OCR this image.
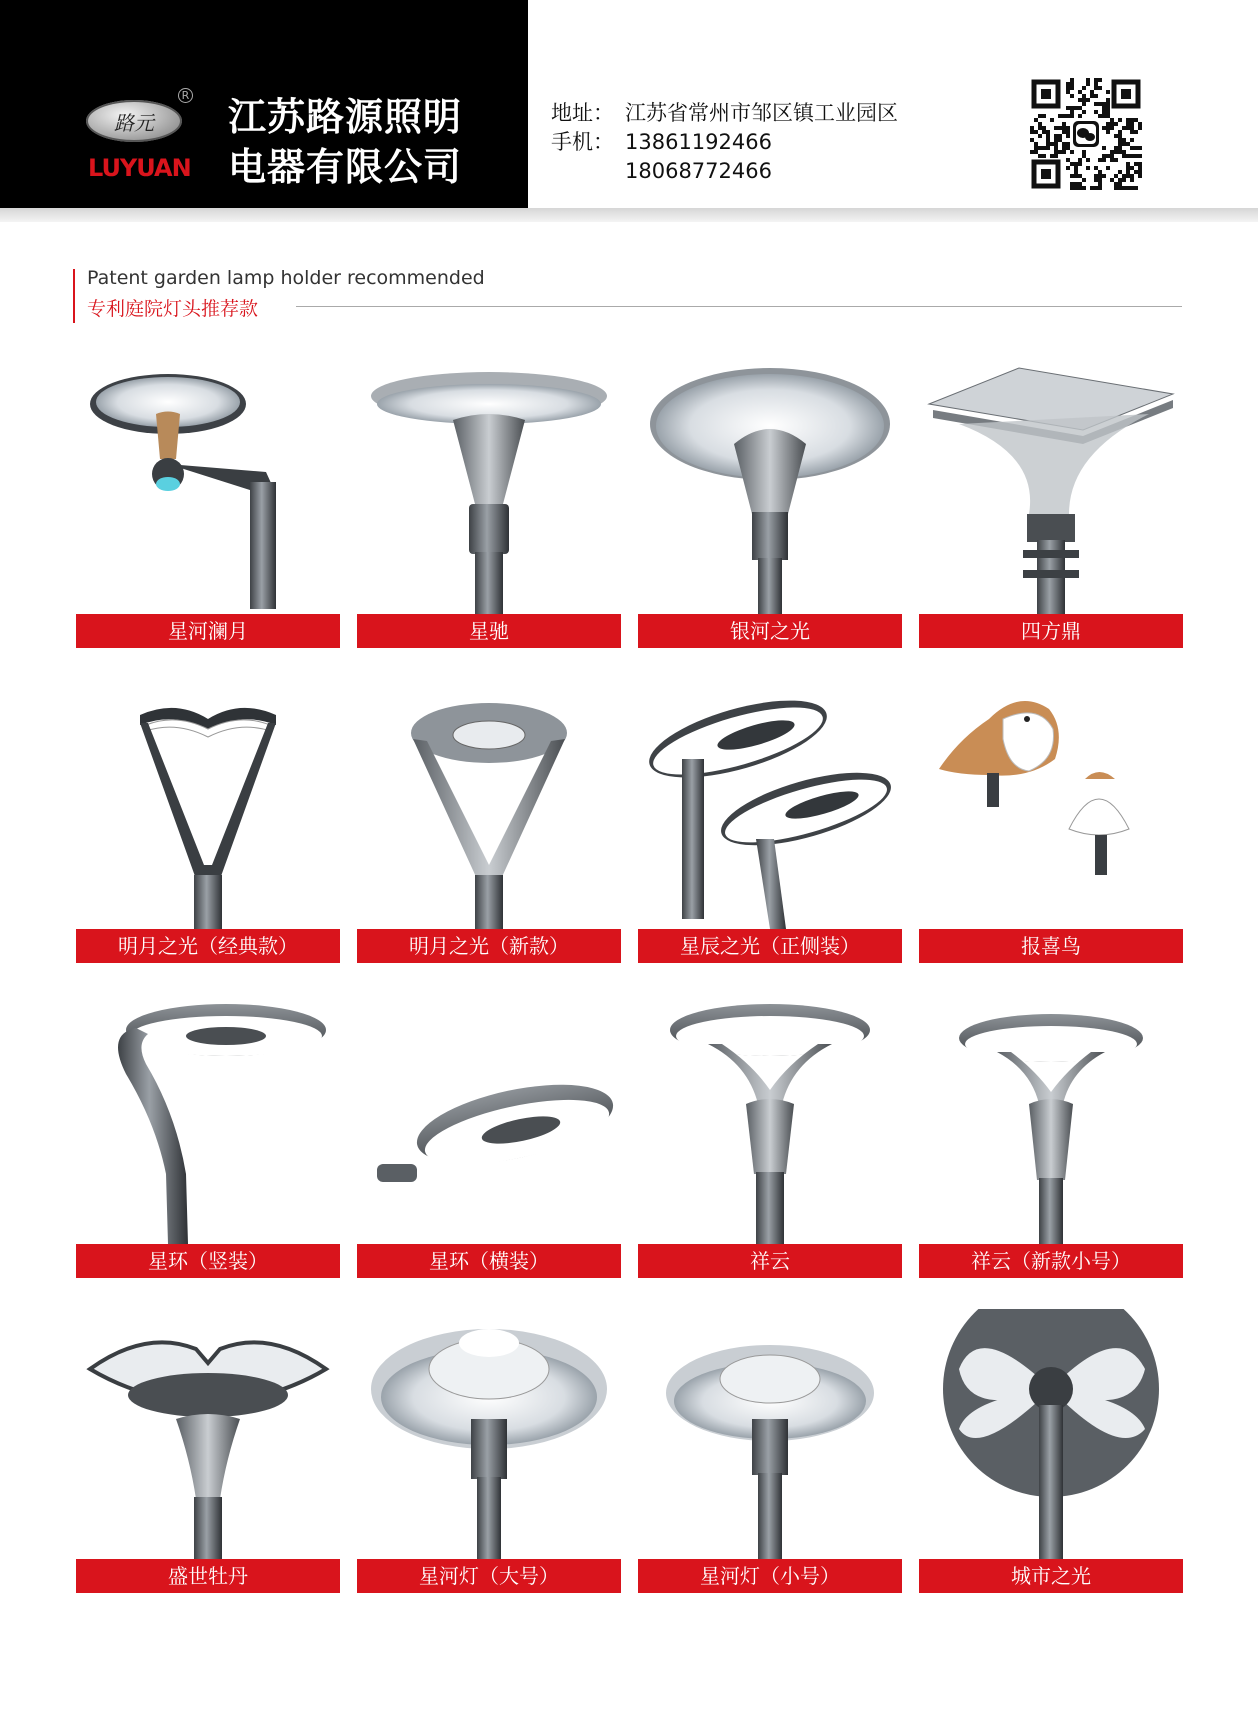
路元
R
LUYUAN
江苏路源照明
电器有限公司
地址： 江苏省常州市邹区镇工业园区
手机： 13861192466
18068772466
Patent garden lamp holder recommended
专利庭院灯头推荐款
星河澜月	星驰	银河之光	四方鼎
明月之光（经典款）	明月之光（新款）	星辰之光（正侧装）	报喜鸟
星环（竖装）	星环（横装）	祥云	祥云（新款小号）
盛世牡丹	星河灯（大号）	星河灯（小号）	城市之光
